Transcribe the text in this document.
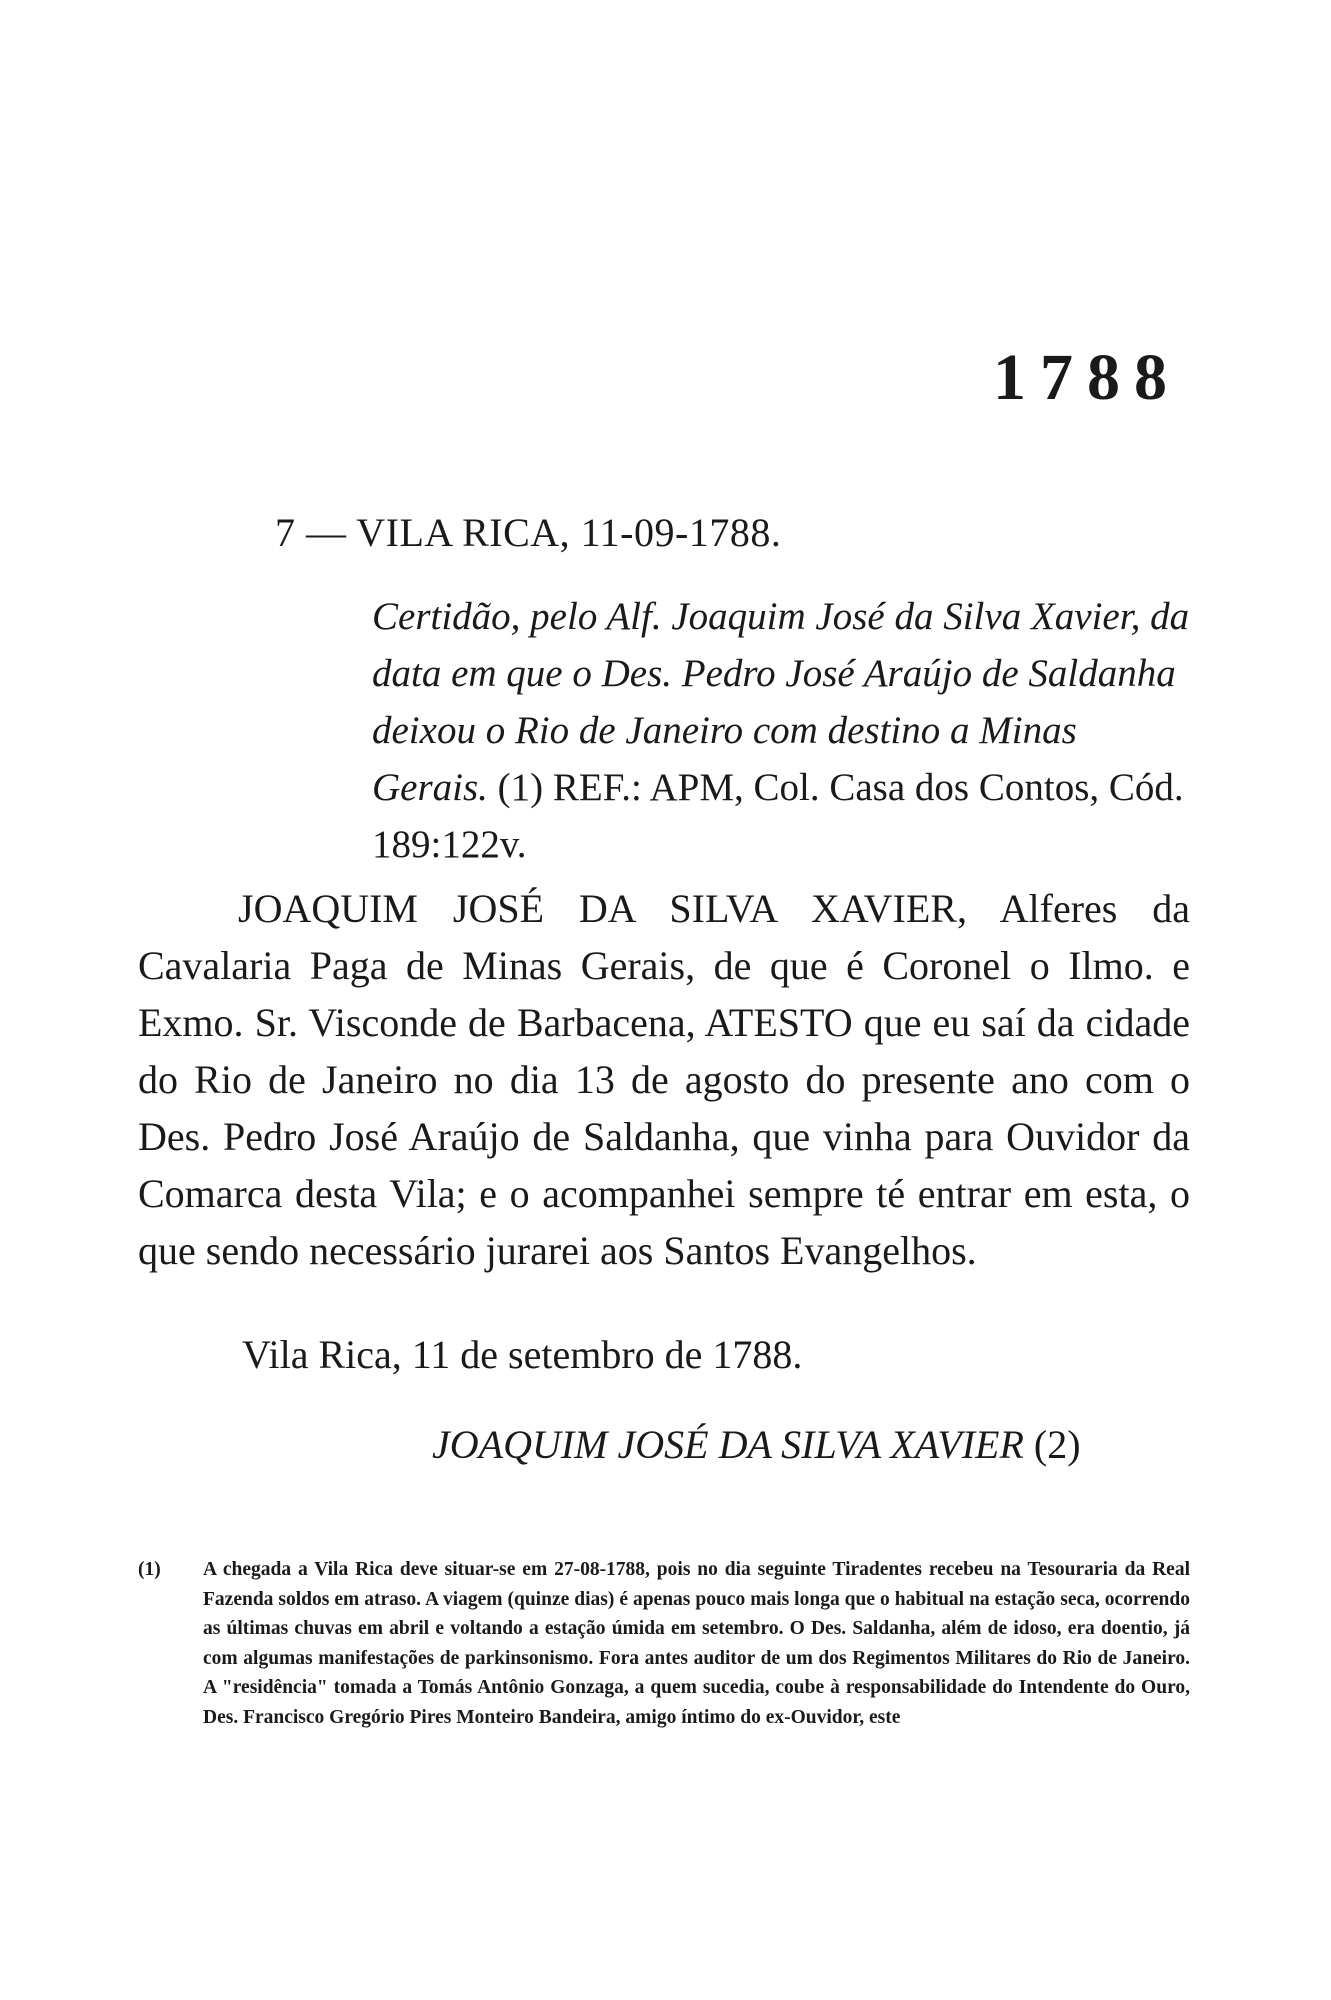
1788
7 — VILA RICA, 11-09-1788.
Certidão, pelo Alf. Joaquim José da Silva Xavier, da data em que o Des. Pedro José Araújo de Saldanha deixou o Rio de Janeiro com destino a Minas Gerais. (1) REF.: APM, Col. Casa dos Contos, Cód. 189:122v.

JOAQUIM JOSÉ DA SILVA XAVIER, Alferes da Cavalaria Paga de Minas Gerais, de que é Coronel o Ilmo. e Exmo. Sr. Visconde de Barbacena, ATESTO que eu saí da cidade do Rio de Janeiro no dia 13 de agosto do presente ano com o Des. Pedro José Araújo de Saldanha, que vinha para Ouvidor da Comarca desta Vila; e o acompanhei sempre té entrar em esta, o que sendo necessário jurarei aos Santos Evangelhos.

Vila Rica, 11 de setembro de 1788.
JOAQUIM JOSÉ DA SILVA XAVIER (2)
(1) A chegada a Vila Rica deve situar-se em 27-08-1788, pois no dia seguinte Tiradentes recebeu na Tesouraria da Real Fazenda soldos em atraso. A viagem (quinze dias) é apenas pouco mais longa que o habitual na estação seca, ocorrendo as últimas chuvas em abril e voltando a estação úmida em setembro. O Des. Saldanha, além de idoso, era doentio, já com algumas manifestações de parkinsonismo. Fora antes auditor de um dos Regimentos Militares do Rio de Janeiro. A "residência" tomada a Tomás Antônio Gonzaga, a quem sucedia, coube à responsabilidade do Intendente do Ouro, Des. Francisco Gregório Pires Monteiro Bandeira, amigo íntimo do ex-Ouvidor, este
